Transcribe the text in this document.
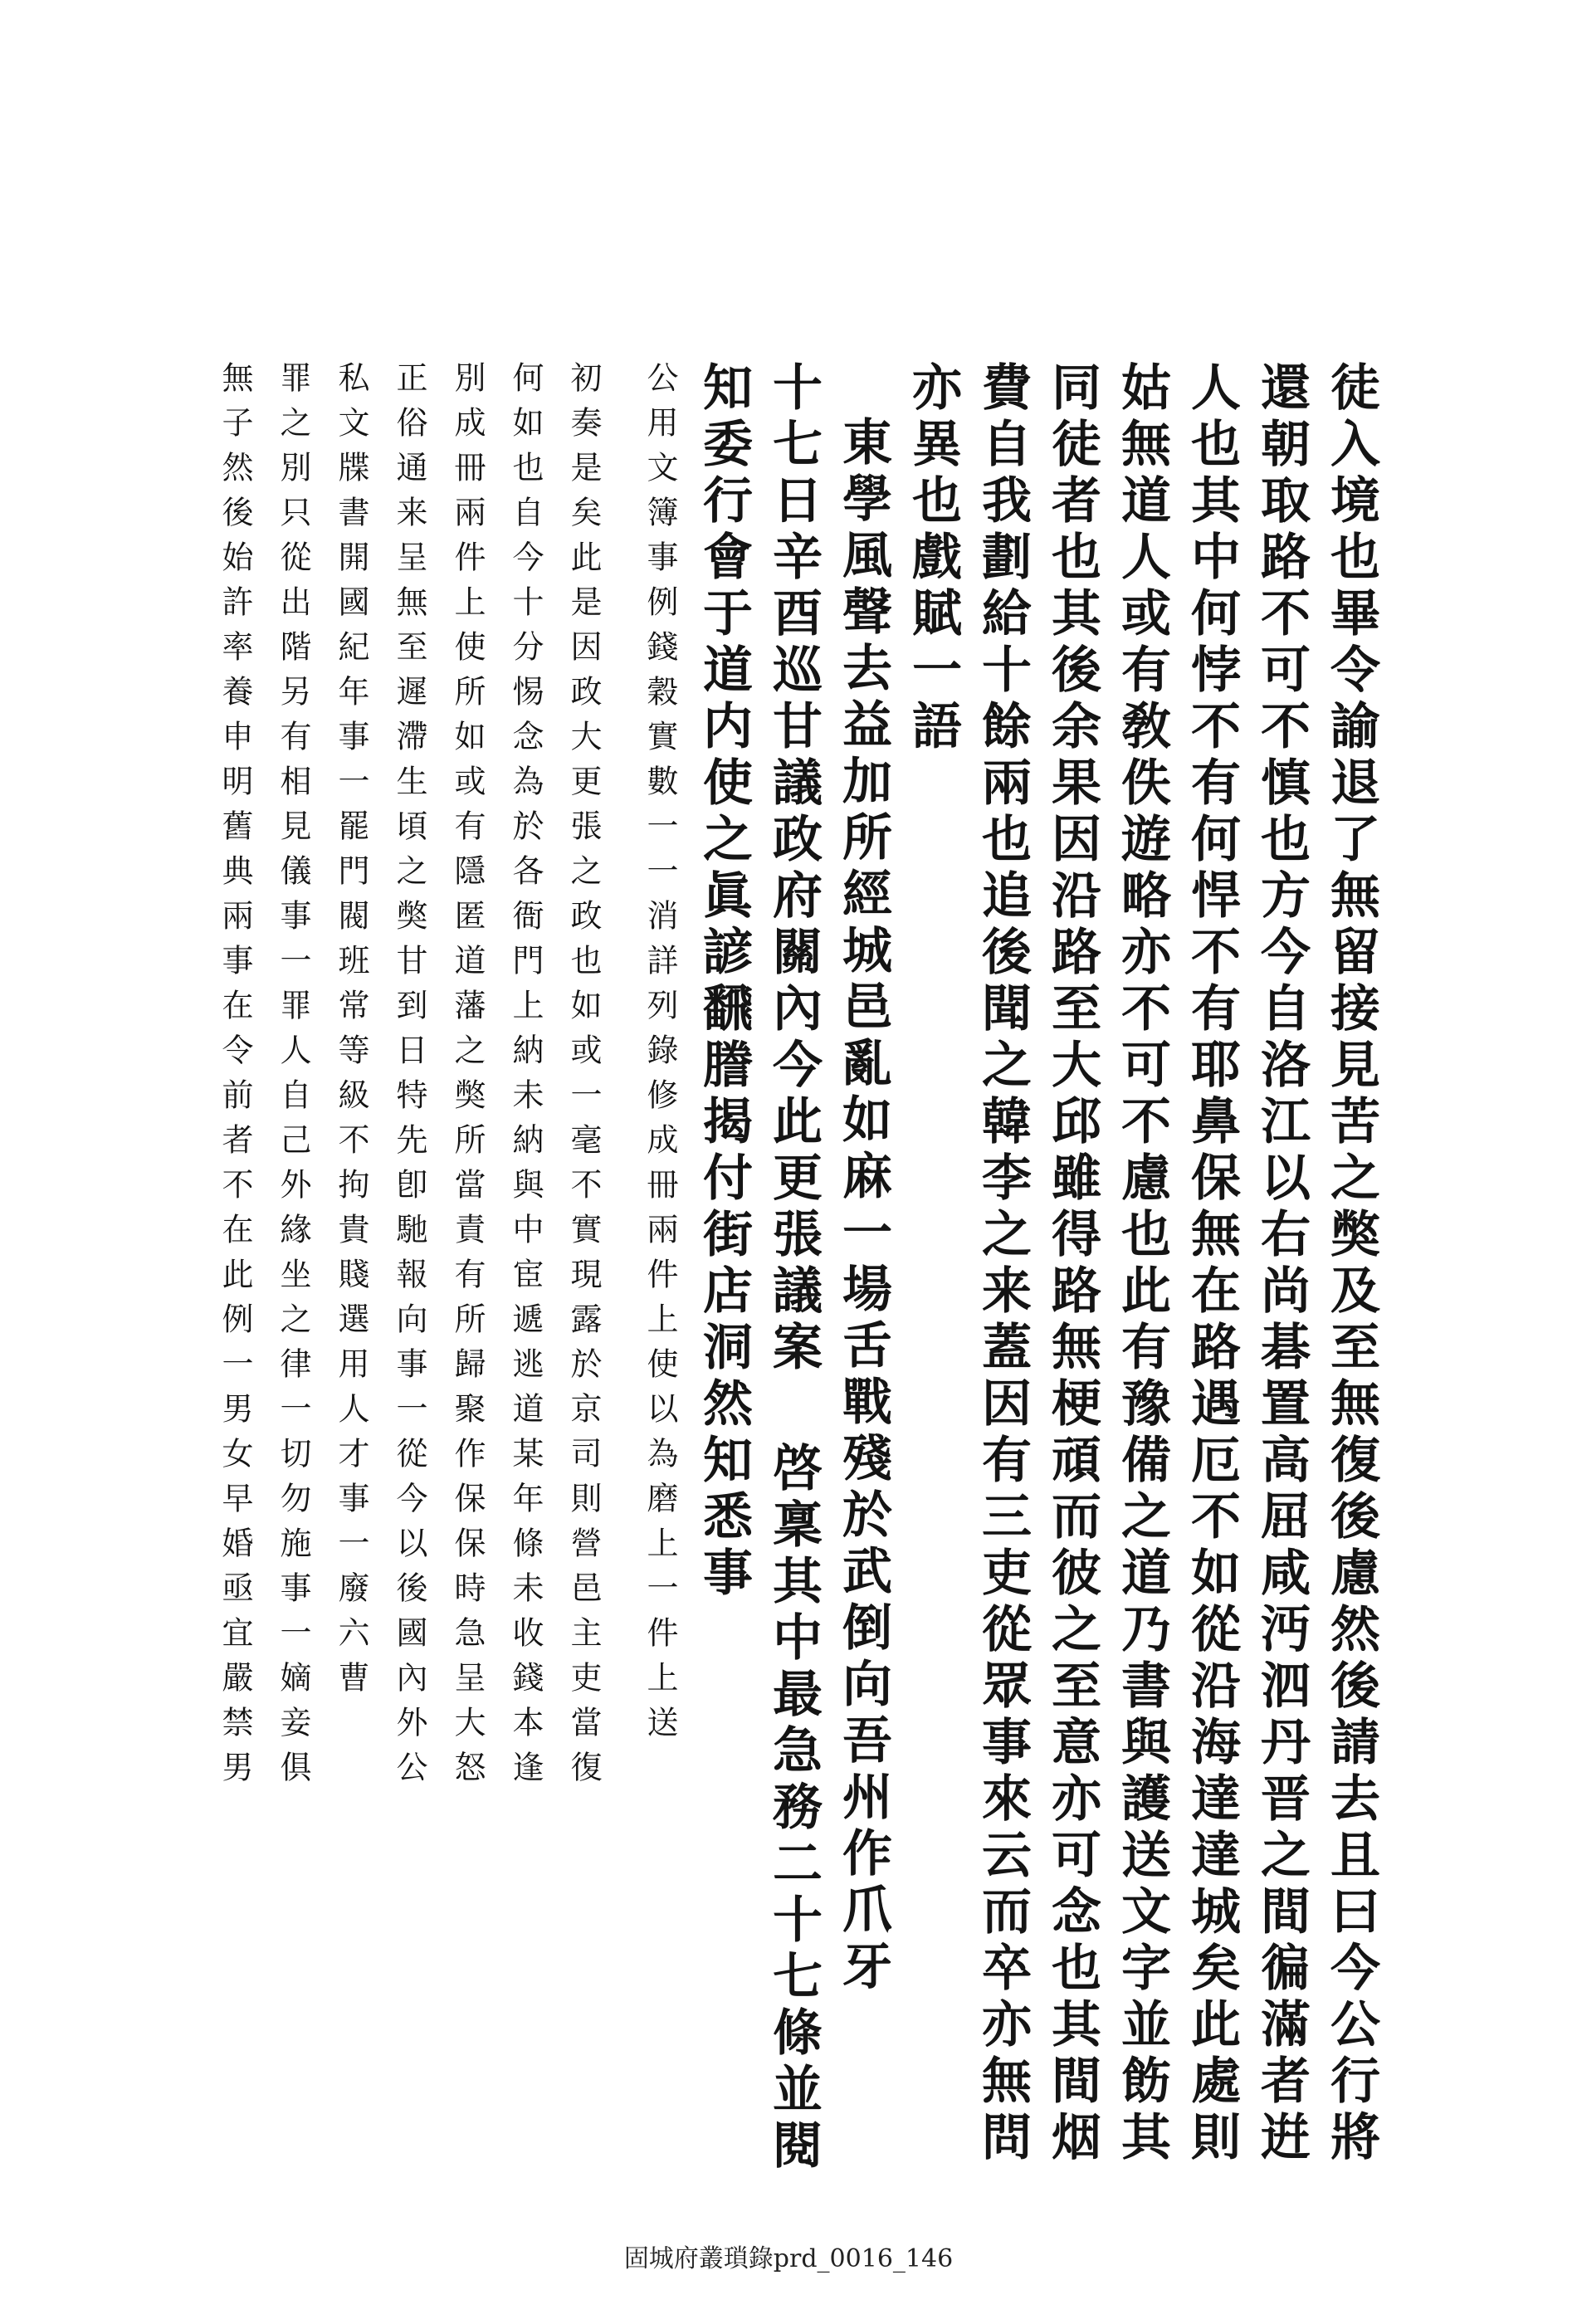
徒入境也畢令諭退了無留接見苦之獘及至無復後慮然後請去且曰今公行將
還朝取路不可不慎也方今自洛江以右尚碁置高屈咸沔泗丹晋之間徧滿者逬
人也其中何悖不有何悍不有耶鼻保無在路遇厄不如從沿海達達城矣此處則
姑無道人或有敎佚遊略亦不可不慮也此有豫備之道乃書與護送文字並飭其
同徒者也其後余果因沿路至大邱雖得路無梗頑而彼之至意亦可念也其間烟
費自我劃給十餘兩也追後聞之韓李之来蓋因有三吏從眾事來云而卒亦無問
亦異也戲賦一語
東學風聲去益加所經城邑亂如麻一場舌戰殘於武倒向吾州作爪牙
十七日辛酉巡甘議政府關內今此更張議案 啓稟其中最急務二十七條並閱
知委行會于道内使之眞諺飜謄揭付街店洞然知悉事
公用文簿事例錢穀實數一一消詳列錄修成冊兩件上使以為磨上一件上送
初奏是矣此是因政大更張之政也如或一毫不實現露於京司則營邑主吏當復
何如也自今十分惕念為於各衙門上納未納與中宦遞逃道某年條未收錢本逢
別成冊兩件上使所如或有隱匿道藩之獘所當責有所歸聚作保保時急呈大怒
正俗通来呈無至遲滯生頃之獘甘到日特先卽馳報向事一從今以後國內外公
私文牒書開國紀年事一罷門閥班常等級不拘貴賤選用人才事一廢六曹
罪之別只從出階另有相見儀事一罪人自己外緣坐之律一切勿施事一嫡妾俱
無子然後始許率養申明舊典兩事在令前者不在此例一男女早婚亟宜嚴禁男
固城府叢瑣錄prd_0016_146
